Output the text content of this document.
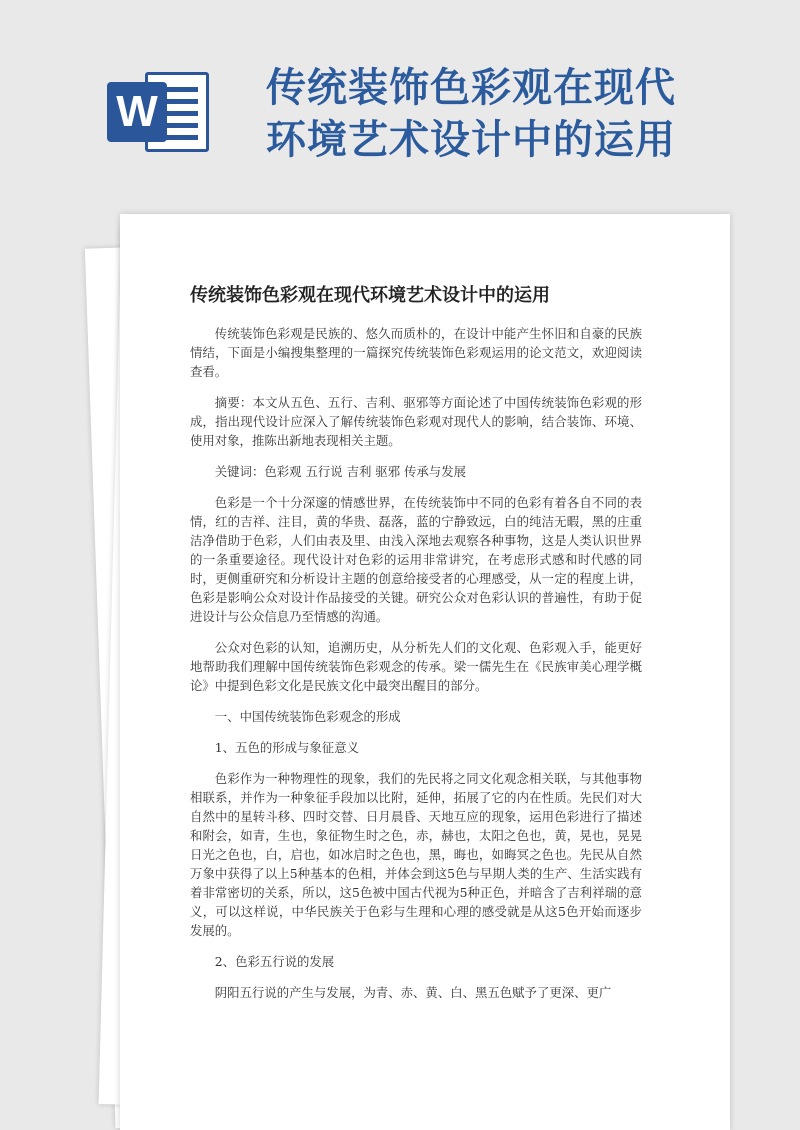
W	传统装饰色彩观在现代
环境艺术设计中的运用
传统装饰色彩观在现代环境艺术设计中的运用

传统装饰色彩观是民族的、悠久而质朴的，在设计中能产生怀旧和自豪的民族情结，下面是小编搜集整理的一篇探究传统装饰色彩观运用的论文范文，欢迎阅读查看。

摘要：本文从五色、五行、吉利、驱邪等方面论述了中国传统装饰色彩观的形成，指出现代设计应深入了解传统装饰色彩观对现代人的影响，结合装饰、环境、使用对象，推陈出新地表现相关主题。

关键词：色彩观 五行说 吉利 驱邪 传承与发展

色彩是一个十分深邃的情感世界，在传统装饰中不同的色彩有着各自不同的表情，红的吉祥、注目，黄的华贵、磊落，蓝的宁静致远，白的纯洁无暇，黑的庄重洁净借助于色彩，人们由表及里、由浅入深地去观察各种事物，这是人类认识世界的一条重要途径。现代设计对色彩的运用非常讲究，在考虑形式感和时代感的同时，更侧重研究和分析设计主题的创意给接受者的心理感受，从一定的程度上讲，色彩是影响公众对设计作品接受的关键。研究公众对色彩认识的普遍性，有助于促进设计与公众信息乃至情感的沟通。

公众对色彩的认知，追溯历史，从分析先人们的文化观、色彩观入手，能更好地帮助我们理解中国传统装饰色彩观念的传承。梁一儒先生在《民族审美心理学概论》中提到色彩文化是民族文化中最突出醒目的部分。

一、中国传统装饰色彩观念的形成

1、五色的形成与象征意义

色彩作为一种物理性的现象，我们的先民将之同文化观念相关联，与其他事物相联系，并作为一种象征手段加以比附，延伸，拓展了它的内在性质。先民们对大自然中的星转斗移、四时交替、日月晨昏、天地互应的现象，运用色彩进行了描述和附会，如青，生也，象征物生时之色，赤，赫也，太阳之色也，黄，晃也，晃晃日光之色也，白，启也，如冰启时之色也，黑，晦也，如晦冥之色也。先民从自然万象中获得了以上5种基本的色相，并体会到这5色与早期人类的生产、生活实践有着非常密切的关系，所以，这5色被中国古代视为5种正色，并暗含了吉利祥瑞的意义，可以这样说，中华民族关于色彩与生理和心理的感受就是从这5色开始而逐步发展的。

2、色彩五行说的发展

阴阳五行说的产生与发展，为青、赤、黄、白、黑五色赋予了更深、更广
